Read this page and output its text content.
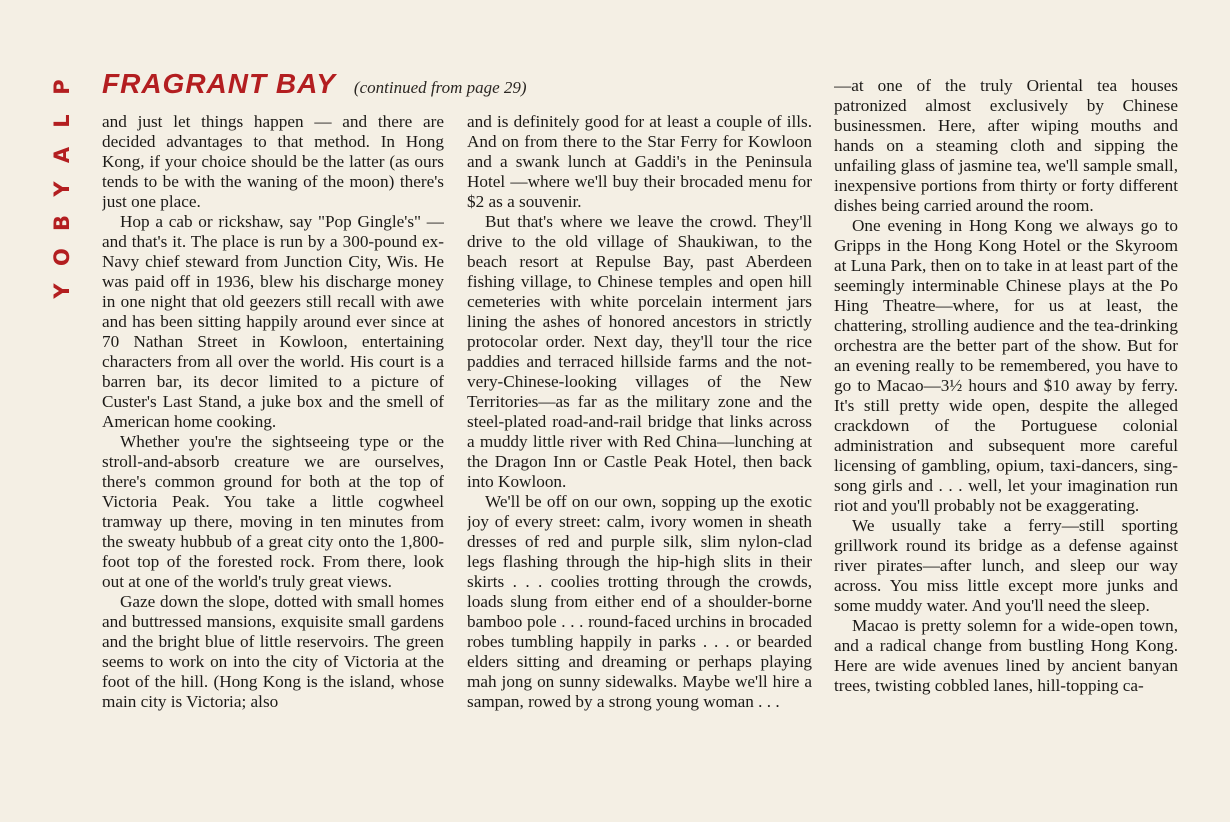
P
L
A
Y
B
O
Y
FRAGRANT BAY (continued from page 29)

and just let things happen — and there are decided advantages to that method. In Hong Kong, if your choice should be the latter (as ours tends to be with the waning of the moon) there's just one place.

Hop a cab or rickshaw, say "Pop Gingle's" — and that's it. The place is run by a 300-pound ex-Navy chief steward from Junction City, Wis. He was paid off in 1936, blew his discharge money in one night that old geezers still recall with awe and has been sitting happily around ever since at 70 Nathan Street in Kowloon, entertaining characters from all over the world. His court is a barren bar, its decor limited to a picture of Custer's Last Stand, a juke box and the smell of American home cooking.

Whether you're the sightseeing type or the stroll-and-absorb creature we are ourselves, there's common ground for both at the top of Victoria Peak. You take a little cogwheel tramway up there, moving in ten minutes from the sweaty hubbub of a great city onto the 1,800-foot top of the forested rock. From there, look out at one of the world's truly great views.

Gaze down the slope, dotted with small homes and buttressed mansions, exquisite small gardens and the bright blue of little reservoirs. The green seems to work on into the city of Victoria at the foot of the hill. (Hong Kong is the island, whose main city is Victoria; also

and is definitely good for at least a couple of ills. And on from there to the Star Ferry for Kowloon and a swank lunch at Gaddi's in the Peninsula Hotel —where we'll buy their brocaded menu for $2 as a souvenir.

But that's where we leave the crowd. They'll drive to the old village of Shaukiwan, to the beach resort at Repulse Bay, past Aberdeen fishing village, to Chinese temples and open hill cemeteries with white porcelain interment jars lining the ashes of honored ancestors in strictly protocolar order. Next day, they'll tour the rice paddies and terraced hillside farms and the not-very-Chinese-looking villages of the New Territories—as far as the military zone and the steel-plated road-and-rail bridge that links across a muddy little river with Red China—lunching at the Dragon Inn or Castle Peak Hotel, then back into Kowloon.

We'll be off on our own, sopping up the exotic joy of every street: calm, ivory women in sheath dresses of red and purple silk, slim nylon-clad legs flashing through the hip-high slits in their skirts . . . coolies trotting through the crowds, loads slung from either end of a shoulder-borne bamboo pole . . . round-faced urchins in brocaded robes tumbling happily in parks . . . or bearded elders sitting and dreaming or perhaps playing mah jong on sunny sidewalks. Maybe we'll hire a sampan, rowed by a strong young woman . . .

—at one of the truly Oriental tea houses patronized almost exclusively by Chinese businessmen. Here, after wiping mouths and hands on a steaming cloth and sipping the unfailing glass of jasmine tea, we'll sample small, inexpensive portions from thirty or forty different dishes being carried around the room.

One evening in Hong Kong we always go to Gripps in the Hong Kong Hotel or the Skyroom at Luna Park, then on to take in at least part of the seemingly interminable Chinese plays at the Po Hing Theatre—where, for us at least, the chattering, strolling audience and the tea-drinking orchestra are the better part of the show. But for an evening really to be remembered, you have to go to Macao—3½ hours and $10 away by ferry. It's still pretty wide open, despite the alleged crackdown of the Portuguese colonial administration and subsequent more careful licensing of gambling, opium, taxi-dancers, sing-song girls and . . . well, let your imagination run riot and you'll probably not be exaggerating.

We usually take a ferry—still sporting grillwork round its bridge as a defense against river pirates—after lunch, and sleep our way across. You miss little except more junks and some muddy water. And you'll need the sleep.

Macao is pretty solemn for a wide-open town, and a radical change from bustling Hong Kong. Here are wide avenues lined by ancient banyan trees, twisting cobbled lanes, hill-topping ca-
